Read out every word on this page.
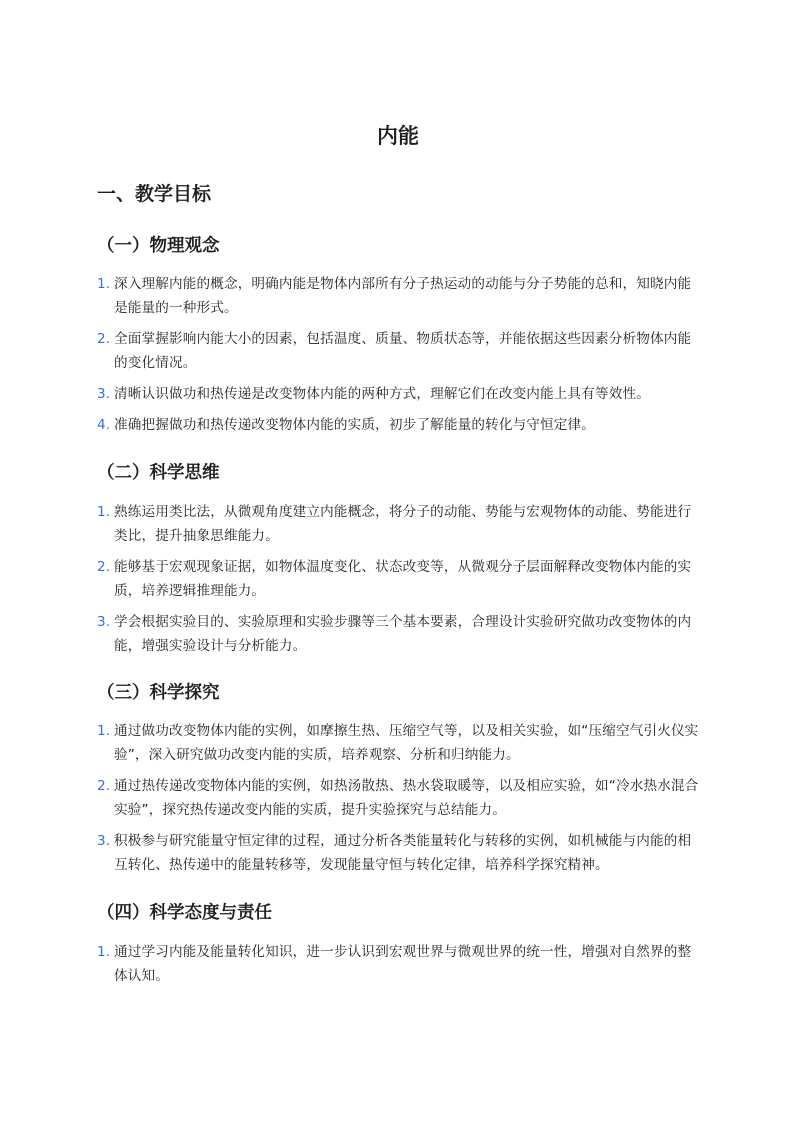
内能
一、教学目标
（一）物理观念
1. 深入理解内能的概念，明确内能是物体内部所有分子热运动的动能与分子势能的总和，知晓内能是能量的一种形式。
2. 全面掌握影响内能大小的因素，包括温度、质量、物质状态等，并能依据这些因素分析物体内能的变化情况。
3. 清晰认识做功和热传递是改变物体内能的两种方式，理解它们在改变内能上具有等效性。
4. 准确把握做功和热传递改变物体内能的实质，初步了解能量的转化与守恒定律。
（二）科学思维
1. 熟练运用类比法，从微观角度建立内能概念，将分子的动能、势能与宏观物体的动能、势能进行类比，提升抽象思维能力。
2. 能够基于宏观现象证据，如物体温度变化、状态改变等，从微观分子层面解释改变物体内能的实质，培养逻辑推理能力。
3. 学会根据实验目的、实验原理和实验步骤等三个基本要素，合理设计实验研究做功改变物体的内能，增强实验设计与分析能力。
（三）科学探究
1. 通过做功改变物体内能的实例，如摩擦生热、压缩空气等，以及相关实验，如“压缩空气引火仪实验”，深入研究做功改变内能的实质，培养观察、分析和归纳能力。
2. 通过热传递改变物体内能的实例，如热汤散热、热水袋取暖等，以及相应实验，如“冷水热水混合实验”，探究热传递改变内能的实质，提升实验探究与总结能力。
3. 积极参与研究能量守恒定律的过程，通过分析各类能量转化与转移的实例，如机械能与内能的相互转化、热传递中的能量转移等，发现能量守恒与转化定律，培养科学探究精神。
（四）科学态度与责任
1. 通过学习内能及能量转化知识，进一步认识到宏观世界与微观世界的统一性，增强对自然界的整体认知。
